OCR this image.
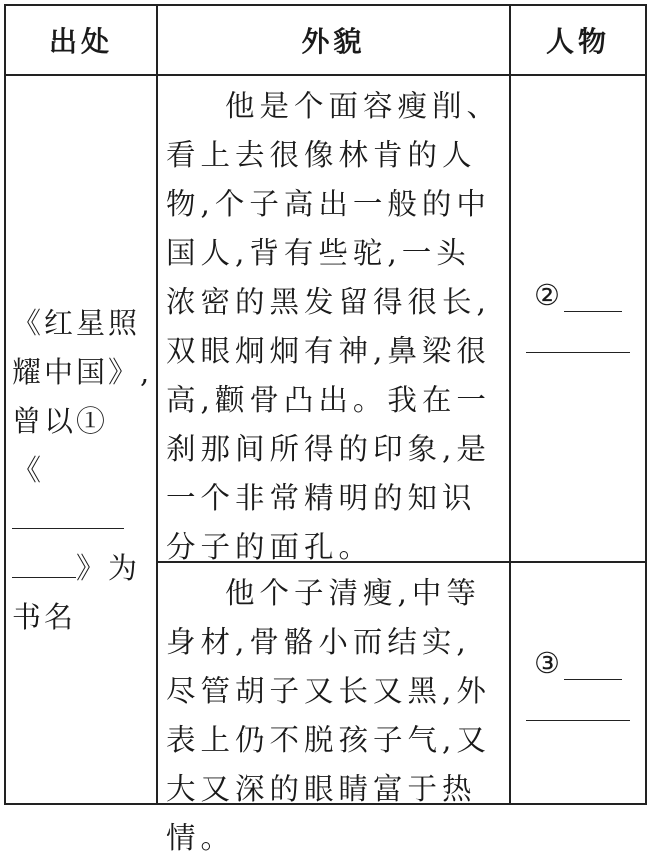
出处	外貌	人物
《红星照
耀中国》,
曾以①
《
》为
书名
他是个面容瘦削、看上去很像林肯的人物,个子高出一般的中国人,背有些驼,一头浓密的黑发留得很长,双眼炯炯有神,鼻梁很高,颧骨凸出。我在一刹那间所得的印象,是一个非常精明的知识分子的面孔。
他个子清瘦,中等身材,骨骼小而结实,尽管胡子又长又黑,外表上仍不脱孩子气,又大又深的眼睛富于热情。
②
③
